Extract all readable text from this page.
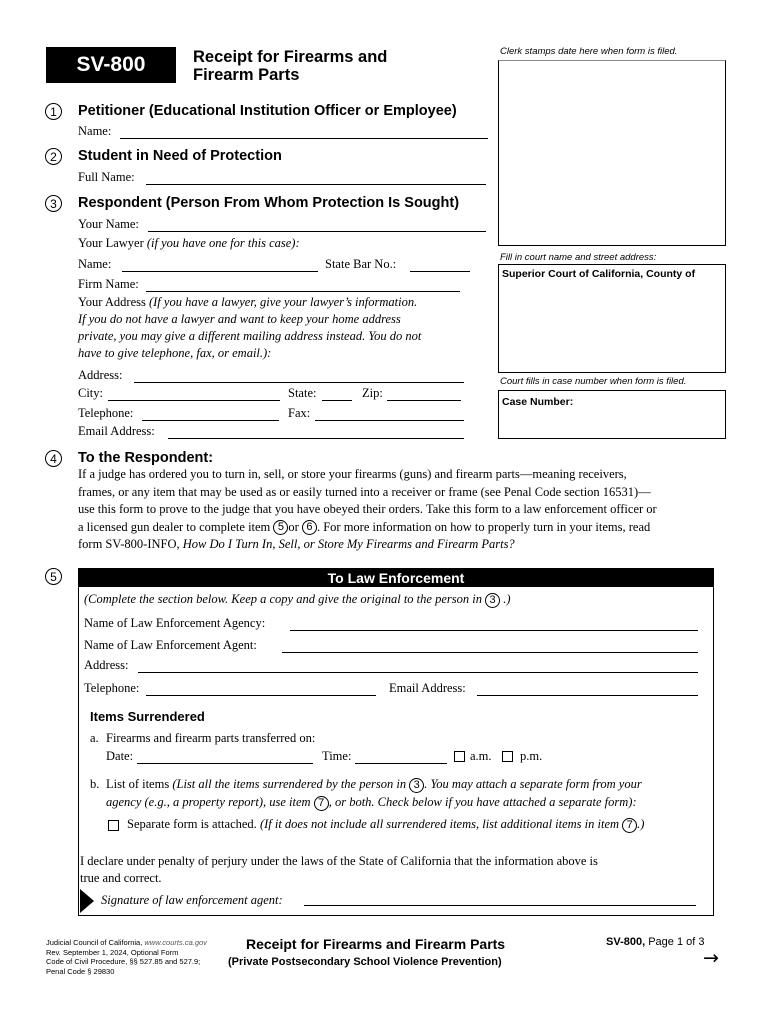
SV-800	Receipt for Firearms and
Firearm Parts
Clerk stamps date here when form is filed.
Fill in court name and street address:
Superior Court of California, County of
Court fills in case number when form is filed.
Case Number:
1	Petitioner (Educational Institution Officer or Employee)
Name:
2	Student in Need of Protection
Full Name:
3	Respondent (Person From Whom Protection Is Sought)
Your Name:
Your Lawyer (if you have one for this case):
Name:	State Bar No.:
Firm Name:
Your Address (If you have a lawyer, give your lawyer’s information.
If you do not have a lawyer and want to keep your home address
private, you may give a different mailing address instead. You do not
have to give telephone, fax, or email.):
Address:
City:	State:	Zip:
Telephone:	Fax:
Email Address:
4	To the Respondent:
If a judge has ordered you to turn in, sell, or store your firearms (guns) and firearm parts—meaning receivers,
frames, or any item that may be used as or easily turned into a receiver or frame (see Penal Code section 16531)—
use this form to prove to the judge that you have obeyed their orders. Take this form to a law enforcement officer or
a licensed gun dealer to complete item 5 or 6 . For more information on how to properly turn in your items, read
form SV-800-INFO, How Do I Turn In, Sell, or Store My Firearms and Firearm Parts?
5	To Law Enforcement
(Complete the section below. Keep a copy and give the original to the person in 3 .)
Name of Law Enforcement Agency:
Name of Law Enforcement Agent:
Address:
Telephone:	Email Address:
Items Surrendered
a. Firearms and firearm parts transferred on:
Date:	Time:	a.m. p.m.
b. List of items (List all the items surrendered by the person in 3 . You may attach a separate form from your
agency (e.g., a property report), use item 7 , or both. Check below if you have attached a separate form):
Separate form is attached. (If it does not include all surrendered items, list additional items in item 7 .)
I declare under penalty of perjury under the laws of the State of California that the information above is
true and correct.
Signature of law enforcement agent:
Judicial Council of California, www.courts.ca.gov
Rev. September 1, 2024, Optional Form
Code of Civil Procedure, §§ 527.85 and 527.9;
Penal Code § 29830
Receipt for Firearms and Firearm Parts
(Private Postsecondary School Violence Prevention)
SV-800, Page 1 of 3
→
